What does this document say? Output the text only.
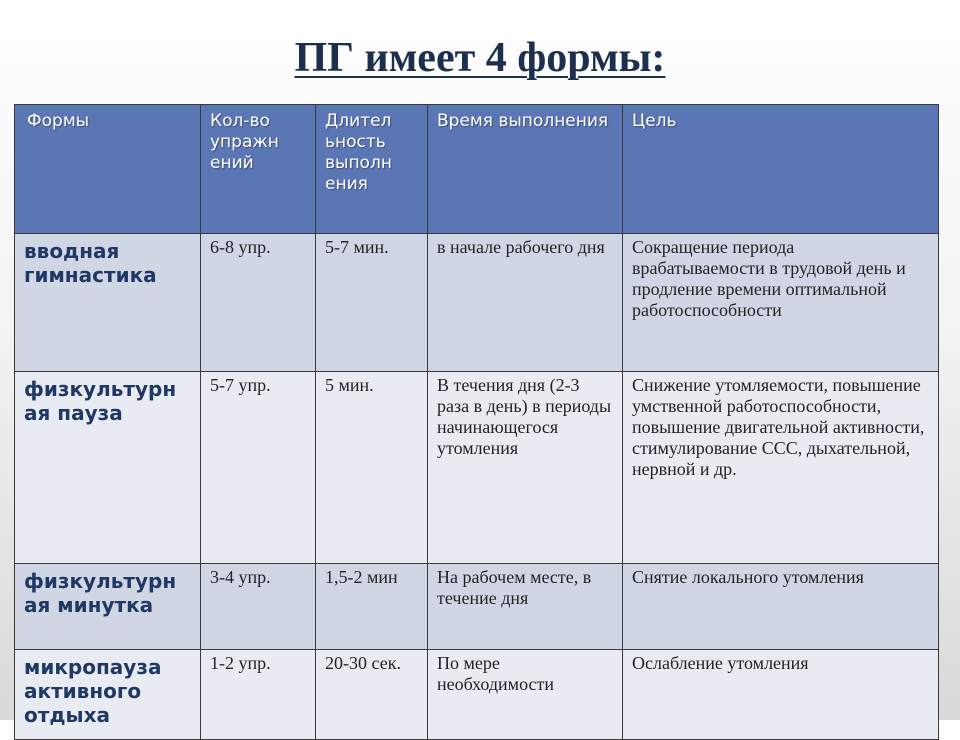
ПГ имеет 4 формы:
Формы	Кол-во упражн ений	Длител ьность выполн ения	Время выполнения	Цель
вводная гимнастика	6-8 упр.	5-7 мин.	в начале рабочего дня	Сокращение периода врабатываемости в трудовой день и продление времени оптимальной работоспособности
физкультурн ая пауза	5-7 упр.	5 мин.	В течения дня (2-3 раза в день) в периоды начинающегося утомления	Снижение утомляемости, повышение умственной работоспособности, повышение двигательной активности, стимулирование ССС, дыхательной, нервной и др.
физкультурн ая минутка	3-4 упр.	1,5-2 мин	На рабочем месте, в течение дня	Снятие локального утомления
микропауза активного отдыха	1-2 упр.	20-30 сек.	По мере необходимости	Ослабление утомления
